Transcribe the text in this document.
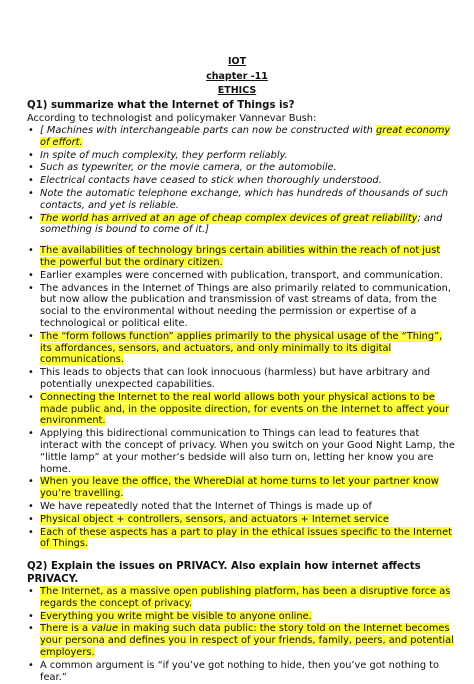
IOT
chapter -11
ETHICS

Q1) summarize what the Internet of Things is?

According to technologist and policymaker Vannevar Bush:

• [ Machines with interchangeable parts can now be constructed with great economy of effort.
• In spite of much complexity, they perform reliably.
• Such as typewriter, or the movie camera, or the automobile.
• Electrical contacts have ceased to stick when thoroughly understood.
• Note the automatic telephone exchange, which has hundreds of thousands of such contacts, and yet is reliable.
• The world has arrived at an age of cheap complex devices of great reliability; and something is bound to come of it.]
• The availabilities of technology brings certain abilities within the reach of not just the powerful but the ordinary citizen.
• Earlier examples were concerned with publication, transport, and communication.
• The advances in the Internet of Things are also primarily related to communication, but now allow the publication and transmission of vast streams of data, from the social to the environmental without needing the permission or expertise of a technological or political elite.
• The “form follows function” applies primarily to the physical usage of the “Thing”, its affordances, sensors, and actuators, and only minimally to its digital communications.
• This leads to objects that can look innocuous (harmless) but have arbitrary and potentially unexpected capabilities.
• Connecting the Internet to the real world allows both your physical actions to be made public and, in the opposite direction, for events on the Internet to affect your environment.
• Applying this bidirectional communication to Things can lead to features that interact with the concept of privacy. When you switch on your Good Night Lamp, the “little lamp” at your mother’s bedside will also turn on, letting her know you are home.
• When you leave the office, the WhereDial at home turns to let your partner know you’re travelling.
• We have repeatedly noted that the Internet of Things is made up of
• Physical object + controllers, sensors, and actuators + Internet service
• Each of these aspects has a part to play in the ethical issues specific to the Internet of Things.

Q2) Explain the issues on PRIVACY. Also explain how internet affects PRIVACY.

• The Internet, as a massive open publishing platform, has been a disruptive force as regards the concept of privacy.
• Everything you write might be visible to anyone online.
• There is a value in making such data public: the story told on the Internet becomes your persona and defines you in respect of your friends, family, peers, and potential employers.
• A common argument is “if you’ve got nothing to hide, then you’ve got nothing to fear.”
